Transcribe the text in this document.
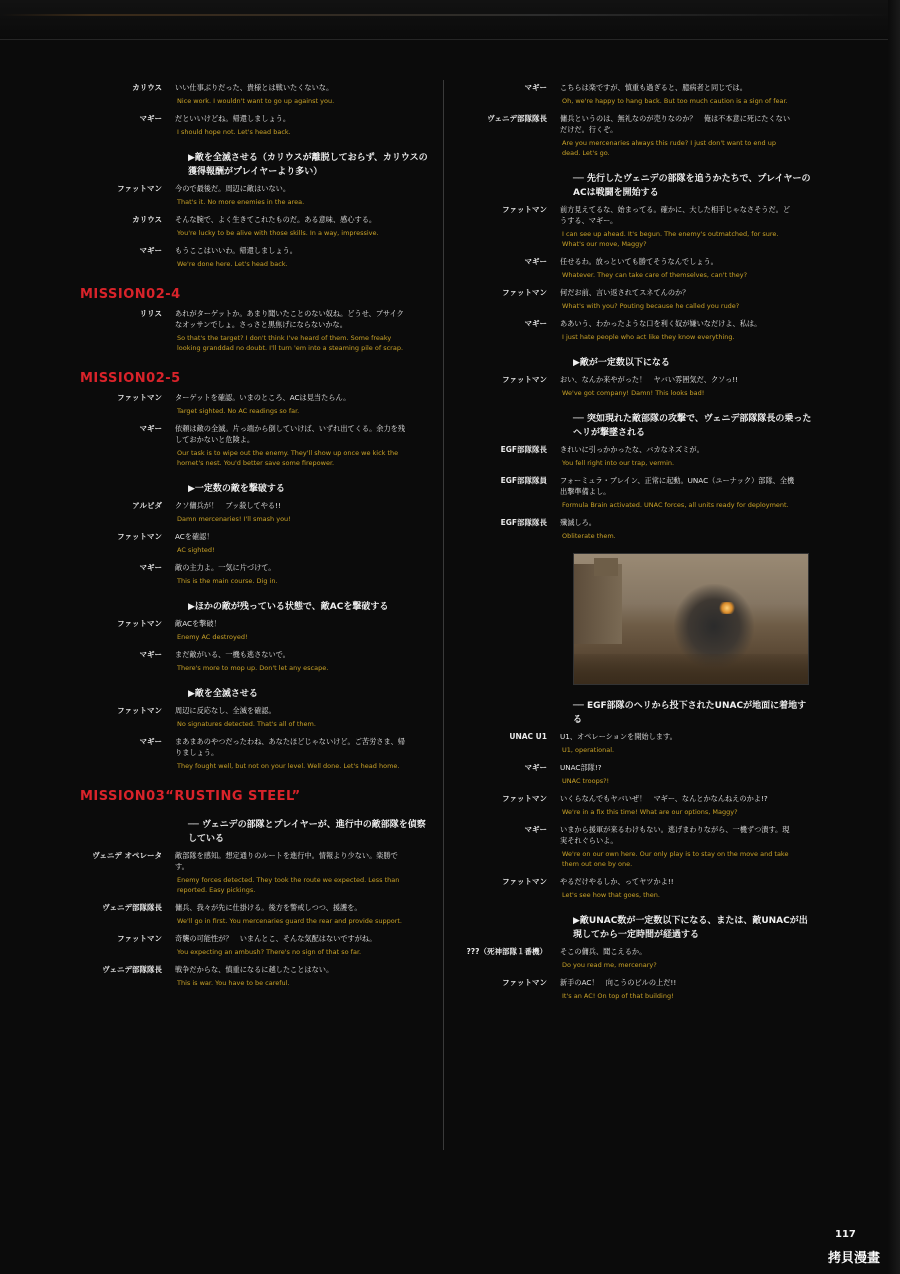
カリウス	いい仕事ぶりだった、貴様とは戦いたくないな。
Nice work. I wouldn't want to go up against you.
マギー	だといいけどね。帰還しましょう。
I should hope not. Let's head back.
▶敵を全滅させる（カリウスが離脱しておらず、カリウスの獲得報酬がプレイヤーより多い）
ファットマン	今ので最後だ。周辺に敵はいない。
That's it. No more enemies in the area.
カリウス	そんな腕で、よく生きてこれたものだ。ある意味、感心する。
You're lucky to be alive with those skills. In a way, impressive.
マギー	もうここはいいわ。帰還しましょう。
We're done here. Let's head back.
MISSION02-4
リリス	あれがターゲットか。あまり聞いたことのない奴ね。どうせ、ブサイクなオッサンでしょ。さっさと黒焦げにならないかな。
So that's the target? I don't think I've heard of them. Some freaky looking granddad no doubt. I'll turn 'em into a steaming pile of scrap.
MISSION02-5
ファットマン	ターゲットを確認。いまのところ、ACは見当たらん。
Target sighted. No AC readings so far.
マギー	依頼は敵の全滅。片っ端から倒していけば、いずれ出てくる。余力を残しておかないと危険よ。
Our task is to wipe out the enemy. They'll show up once we kick the hornet's nest. You'd better save some firepower.
▶一定数の敵を撃破する
アルビダ	クソ傭兵が！　ブッ殺してやる!!
Damn mercenaries! I'll smash you!
ファットマン	ACを確認！
AC sighted!
マギー	敵の主力よ。一気に片づけて。
This is the main course. Dig in.
▶ほかの敵が残っている状態で、敵ACを撃破する
ファットマン	敵ACを撃破！
Enemy AC destroyed!
マギー	まだ敵がいる、一機も逃さないで。
There's more to mop up. Don't let any escape.
▶敵を全滅させる
ファットマン	周辺に反応なし、全滅を確認。
No signatures detected. That's all of them.
マギー	まあまあのやつだったわね、あなたほどじゃないけど。ご苦労さま、帰りましょう。
They fought well, but not on your level. Well done. Let's head home.
MISSION03“RUSTING STEEL”
── ヴェニデの部隊とプレイヤーが、進行中の敵部隊を偵察している
ヴェニデ オペレータ	敵部隊を感知。想定通りのルートを進行中。情報より少ない。楽勝です。
Enemy forces detected. They took the route we expected. Less than reported. Easy pickings.
ヴェニデ部隊隊長	傭兵、我々が先に仕掛ける。後方を警戒しつつ、援護を。
We'll go in first. You mercenaries guard the rear and provide support.
ファットマン	奇襲の可能性が？　いまんとこ、そんな気配はないですがね。
You expecting an ambush? There's no sign of that so far.
ヴェニデ部隊隊長	戦争だからな、慎重になるに越したことはない。
This is war. You have to be careful.
マギー	こちらは楽ですが、慎重も過ぎると、臆病者と同じでは。
Oh, we're happy to hang back. But too much caution is a sign of fear.
ヴェニデ部隊隊長	傭兵というのは、無礼なのが売りなのか？　俺は不本意に死にたくないだけだ。行くぞ。
Are you mercenaries always this rude? I just don't want to end up dead. Let's go.
── 先行したヴェニデの部隊を追うかたちで、プレイヤーのACは戦闘を開始する
ファットマン	前方見えてるな、始まってる。確かに、大した相手じゃなさそうだ。どうする、マギー。
I can see up ahead. It's begun. The enemy's outmatched, for sure. What's our move, Maggy?
マギー	任せるわ。放っといても勝てそうなんでしょう。
Whatever. They can take care of themselves, can't they?
ファットマン	何だお前、言い返されてスネてんのか？
What's with you? Pouting because he called you rude?
マギー	ああいう、わかったような口を利く奴が嫌いなだけよ、私は。
I just hate people who act like they know everything.
▶敵が一定数以下になる
ファットマン	おい、なんか来やがった！　ヤバい雰囲気だ、クソっ!!
We've got company! Damn! This looks bad!
── 突如現れた敵部隊の攻撃で、ヴェニデ部隊隊長の乗ったヘリが撃墜される
EGF部隊隊長	きれいに引っかかったな、バカなネズミが。
You fell right into our trap, vermin.
EGF部隊隊員	フォーミュラ・ブレイン、正常に起動。UNAC（ユーナック）部隊、全機出撃準備よし。
Formula Brain activated. UNAC forces, all units ready for deployment.
EGF部隊隊長	殲滅しろ。
Obliterate them.
── EGF部隊のヘリから投下されたUNACが地面に着地する
UNAC U1	U1、オペレーションを開始します。
U1, operational.
マギー	UNAC部隊!?
UNAC troops?!
ファットマン	いくらなんでもヤバいぜ！　マギー、なんとかなんねえのかよ!?
We're in a fix this time! What are our options, Maggy?
マギー	いまから援軍が来るわけもない。逃げまわりながら、一機ずつ潰す。現実それぐらいよ。
We're on our own here. Our only play is to stay on the move and take them out one by one.
ファットマン	やるだけやるしか、ってヤツかよ!!
Let's see how that goes, then.
▶敵UNAC数が一定数以下になる、または、敵UNACが出現してから一定時間が経過する
???（死神部隊１番機）	そこの傭兵、聞こえるか。
Do you read me, mercenary?
ファットマン	新手のAC！　向こうのビルの上だ!!
It's an AC! On top of that building!
117
拷貝漫畫
